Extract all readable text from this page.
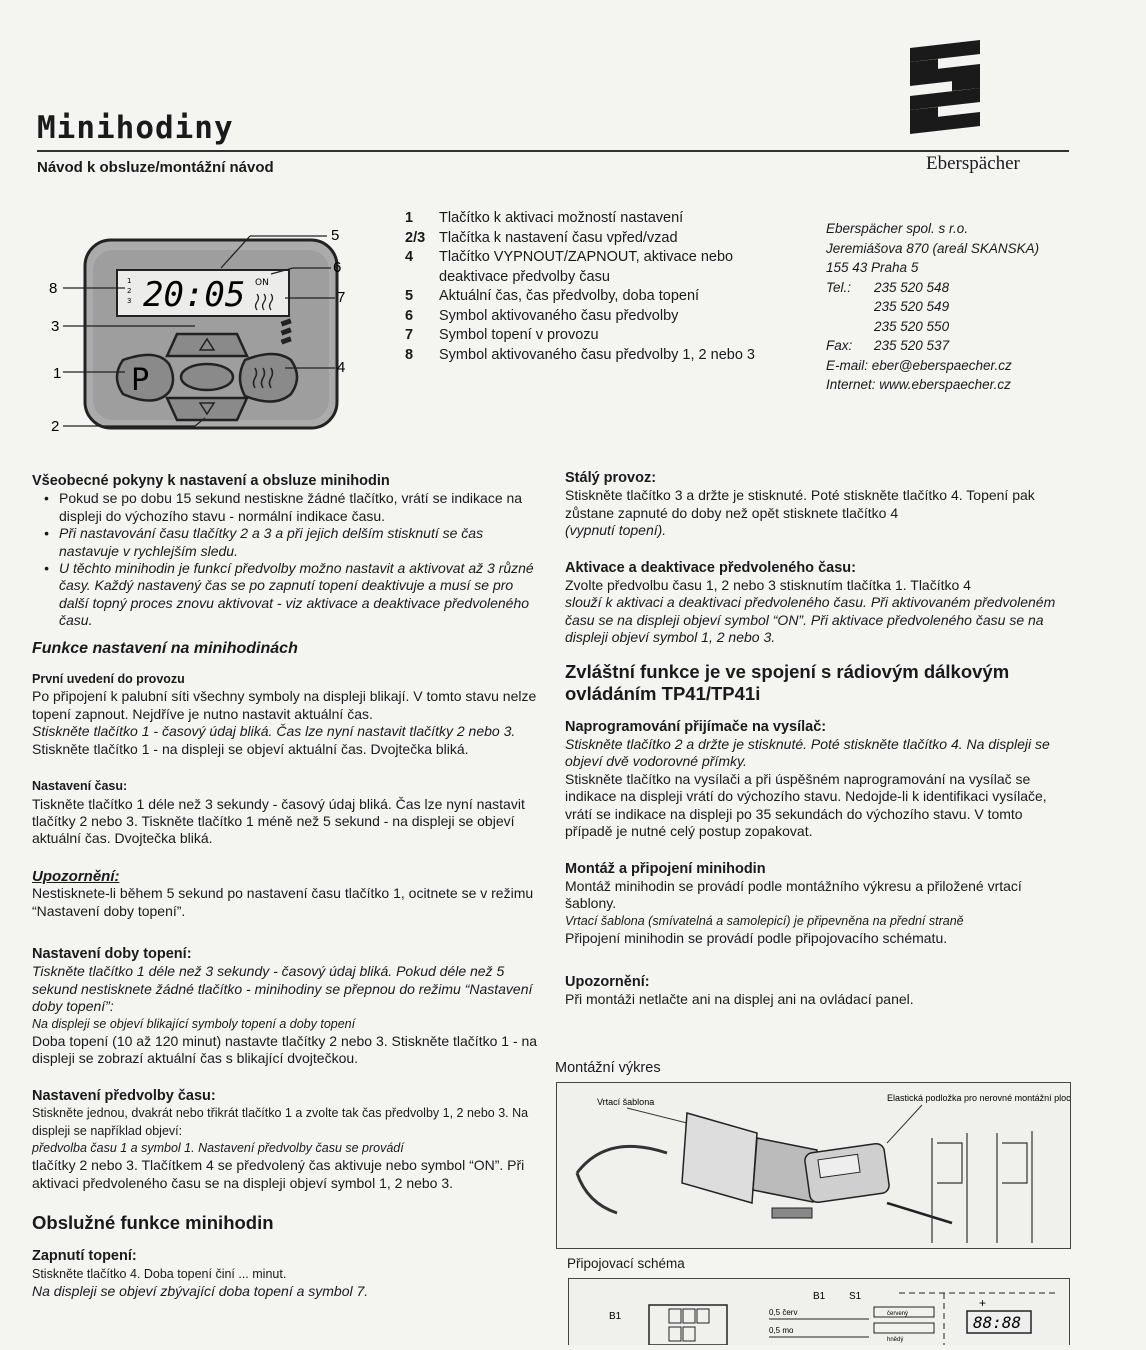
Minihodiny
Návod k obsluze/montážní návod	Eberspächer
1
2
3 20:05 ON
P
5
6
7
8
3
1	4
2
1	Tlačítko k aktivaci možností nastavení
2/3 Tlačítka k nastavení času vpřed/vzad
4	Tlačítko VYPNOUT/ZAPNOUT, aktivace nebo deaktivace předvolby času
5	Aktuální čas, čas předvolby, doba topení
6	Symbol aktivovaného času předvolby
7	Symbol topení v provozu
8	Symbol aktivovaného času předvolby 1, 2 nebo 3
Eberspächer spol. s r.o.
Jeremiášova 870 (areál SKANSKA)
155 43 Praha 5
Tel.:	235 520 548
235 520 549
235 520 550
Fax:	235 520 537
E-mail: eber@eberspaecher.cz
Internet: www.eberspaecher.cz
Všeobecné pokyny k nastavení a obsluze minihodin
• Pokud se po dobu 15 sekund nestiskne žádné tlačítko, vrátí se indikace na displeji do výchozího stavu - normální indikace času.
• Při nastavování času tlačítky 2 a 3 a při jejich delším stisknutí se čas nastavuje v rychlejším sledu.
• U těchto minihodin je funkcí předvolby možno nastavit a aktivovat až 3 různé časy. Každý nastavený čas se po zapnutí topení deaktivuje a musí se pro další topný proces znovu aktivovat - viz aktivace a deaktivace předvoleného času.
Funkce nastavení na minihodinách
První uvedení do provozu

Po připojení k palubní síti všechny symboly na displeji blikají. V tomto stavu nelze topení zapnout. Nejdříve je nutno nastavit aktuální čas.

Stiskněte tlačítko 1 - časový údaj bliká. Čas lze nyní nastavit tlačítky 2 nebo 3.

Stiskněte tlačítko 1 - na displeji se objeví aktuální čas. Dvojtečka bliká.

Nastavení času:

Tiskněte tlačítko 1 déle než 3 sekundy - časový údaj bliká. Čas lze nyní nastavit tlačítky 2 nebo 3. Tiskněte tlačítko 1 méně než 5 sekund - na displeji se objeví aktuální čas. Dvojtečka bliká.

Upozornění:

Nestisknete-li během 5 sekund po nastavení času tlačítko 1, ocitnete se v režimu “Nastavení doby topení”.

Nastavení doby topení:

Tiskněte tlačítko 1 déle než 3 sekundy - časový údaj bliká. Pokud déle než 5 sekund nestisknete žádné tlačítko - minihodiny se přepnou do režimu “Nastavení doby topení”:

Na displeji se objeví blikající symboly topení a doby topení

Doba topení (10 až 120 minut) nastavte tlačítky 2 nebo 3. Stiskněte tlačítko 1 - na displeji se zobrazí aktuální čas s blikající dvojtečkou.

Nastavení předvolby času:

Stiskněte jednou, dvakrát nebo třikrát tlačítko 1 a zvolte tak čas předvolby 1, 2 nebo 3. Na displeji se například objeví:

předvolba času 1 a symbol 1. Nastavení předvolby času se provádí

tlačítky 2 nebo 3. Tlačítkem 4 se předvolený čas aktivuje nebo symbol “ON”. Při aktivaci předvoleného času se na displeji objeví symbol 1, 2 nebo 3.

Obslužné funkce minihodin
Zapnutí topení:

Stiskněte tlačítko 4. Doba topení činí ... minut.

Na displeji se objeví zbývající doba topení a symbol 7.

Stálý provoz:

Stiskněte tlačítko 3 a držte je stisknuté. Poté stiskněte tlačítko 4. Topení pak zůstane zapnuté do doby než opět stisknete tlačítko 4

(vypnutí topení).

Aktivace a deaktivace předvoleného času:

Zvolte předvolbu času 1, 2 nebo 3 stisknutím tlačítka 1. Tlačítko 4

slouží k aktivaci a deaktivaci předvoleného času. Při aktivovaném předvoleném času se na displeji objeví symbol “ON”. Při aktivace předvoleného času se na displeji objeví symbol 1, 2 nebo 3.

Zvláštní funkce je ve spojení s rádiovým dálkovým ovládáním TP41/TP41i
Naprogramování přijímače na vysílač:

Stiskněte tlačítko 2 a držte je stisknuté. Poté stiskněte tlačítko 4. Na displeji se objeví dvě vodorovné přímky.

Stiskněte tlačítko na vysílači a při úspěšném naprogramování na vysílač se indikace na displeji vrátí do výchozího stavu. Nedojde-li k identifikaci vysílače, vrátí se indikace na displeji po 35 sekundách do výchozího stavu. V tomto případě je nutné celý postup zopakovat.

Montáž a připojení minihodin

Montáž minihodin se provádí podle montážního výkresu a přiložené vrtací šablony.

Vrtací šablona (smívatelná a samolepicí) je připevněna na přední straně

Připojení minihodin se provádí podle připojovacího schématu.

Upozornění:

Při montáži netlačte ani na displej ani na ovládací panel.

Montážní výkres
Vrtací šablona	Elastická podložka pro nerovné montážní plochy
Připojovací schéma
B1
B1 S1
0,5 červ
0,5 mo
červený
hnědý
+
88:88
